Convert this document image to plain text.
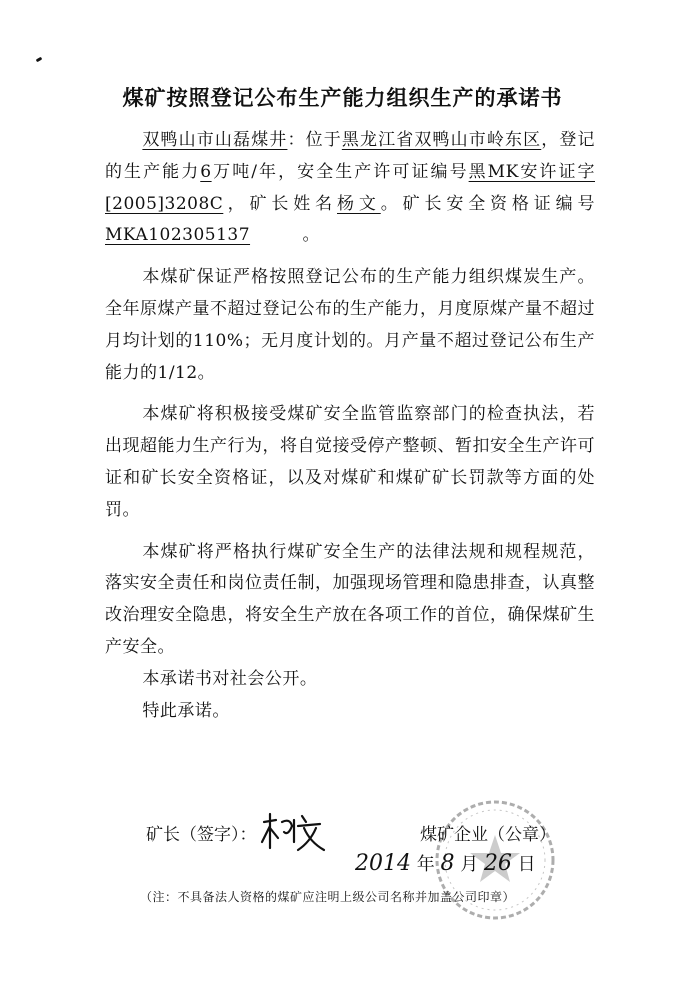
煤矿按照登记公布生产能力组织生产的承诺书

双鸭山市山磊煤井：位于黑龙江省双鸭山市岭东区，登记的生产能力6万吨/年，安全生产许可证编号黑MK安许证字[2005]3208C，矿长姓名杨文。矿长安全资格证编号MKA102305137   	。

本煤矿保证严格按照登记公布的生产能力组织煤炭生产。全年原煤产量不超过登记公布的生产能力，月度原煤产量不超过月均计划的110%；无月度计划的。月产量不超过登记公布生产能力的1/12。

本煤矿将积极接受煤矿安全监管监察部门的检查执法，若出现超能力生产行为，将自觉接受停产整顿、暂扣安全生产许可证和矿长安全资格证，以及对煤矿和煤矿矿长罚款等方面的处罚。

本煤矿将严格执行煤矿安全生产的法律法规和规程规范，落实安全责任和岗位责任制，加强现场管理和隐患排查，认真整改治理安全隐患，将安全生产放在各项工作的首位，确保煤矿生产安全。

本承诺书对社会公开。

特此承诺。

矿长（签字）：	煤矿企业（公章）
2014 年 8 月 26 日
（注：不具备法人资格的煤矿应注明上级公司名称并加盖公司印章）
